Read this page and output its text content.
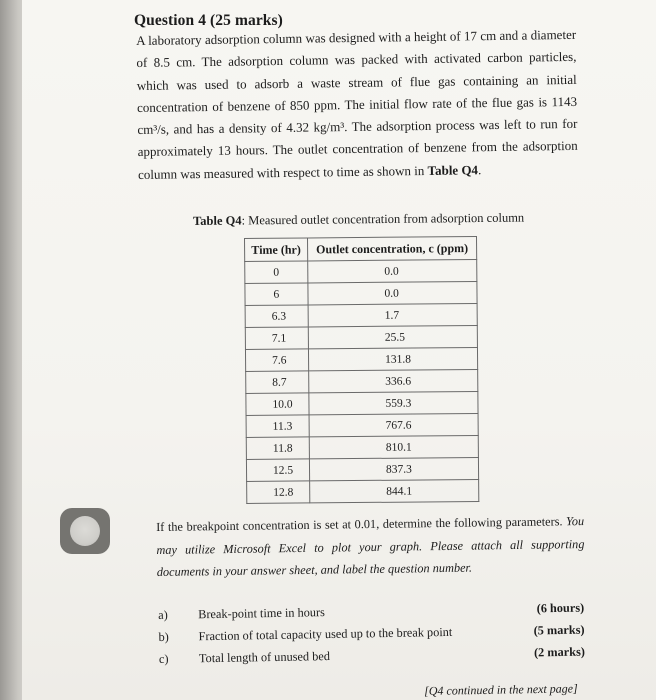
Question 4 (25 marks)
A laboratory adsorption column was designed with a height of 17 cm and a diameter of 8.5 cm. The adsorption column was packed with activated carbon particles, which was used to adsorb a waste stream of flue gas containing an initial concentration of benzene of 850 ppm. The initial flow rate of the flue gas is 1143 cm³/s, and has a density of 4.32 kg/m³. The adsorption process was left to run for approximately 13 hours. The outlet concentration of benzene from the adsorption column was measured with respect to time as shown in Table Q4.
Table Q4: Measured outlet concentration from adsorption column
Time (hr)	Outlet concentration, c (ppm)
0	0.0
6	0.0
6.3	1.7
7.1	25.5
7.6	131.8
8.7	336.6
10.0	559.3
11.3	767.6
11.8	810.1
12.5	837.3
12.8	844.1
If the breakpoint concentration is set at 0.01, determine the following parameters. You may utilize Microsoft Excel to plot your graph. Please attach all supporting documents in your answer sheet, and label the question number.
a) Break-point time in hours	(6 hours)
b) Fraction of total capacity used up to the break point	(5 marks)
c) Total length of unused bed	(2 marks)
[Q4 continued in the next page]
